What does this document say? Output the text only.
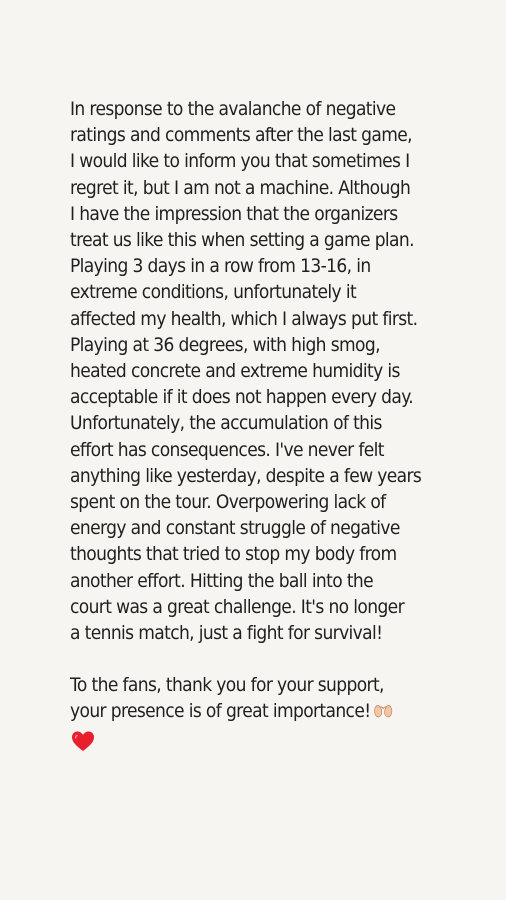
In response to the avalanche of negative
ratings and comments after the last game,
I would like to inform you that sometimes I
regret it, but I am not a machine. Although
I have the impression that the organizers
treat us like this when setting a game plan.
Playing 3 days in a row from 13-16, in
extreme conditions, unfortunately it
affected my health, which I always put first.
Playing at 36 degrees, with high smog,
heated concrete and extreme humidity is
acceptable if it does not happen every day.
Unfortunately, the accumulation of this
effort has consequences. I've never felt
anything like yesterday, despite a few years
spent on the tour. Overpowering lack of
energy and constant struggle of negative
thoughts that tried to stop my body from
another effort. Hitting the ball into the
court was a great challenge. It's no longer
a tennis match, just a fight for survival!
To the fans, thank you for your support,
your presence is of great importance!
